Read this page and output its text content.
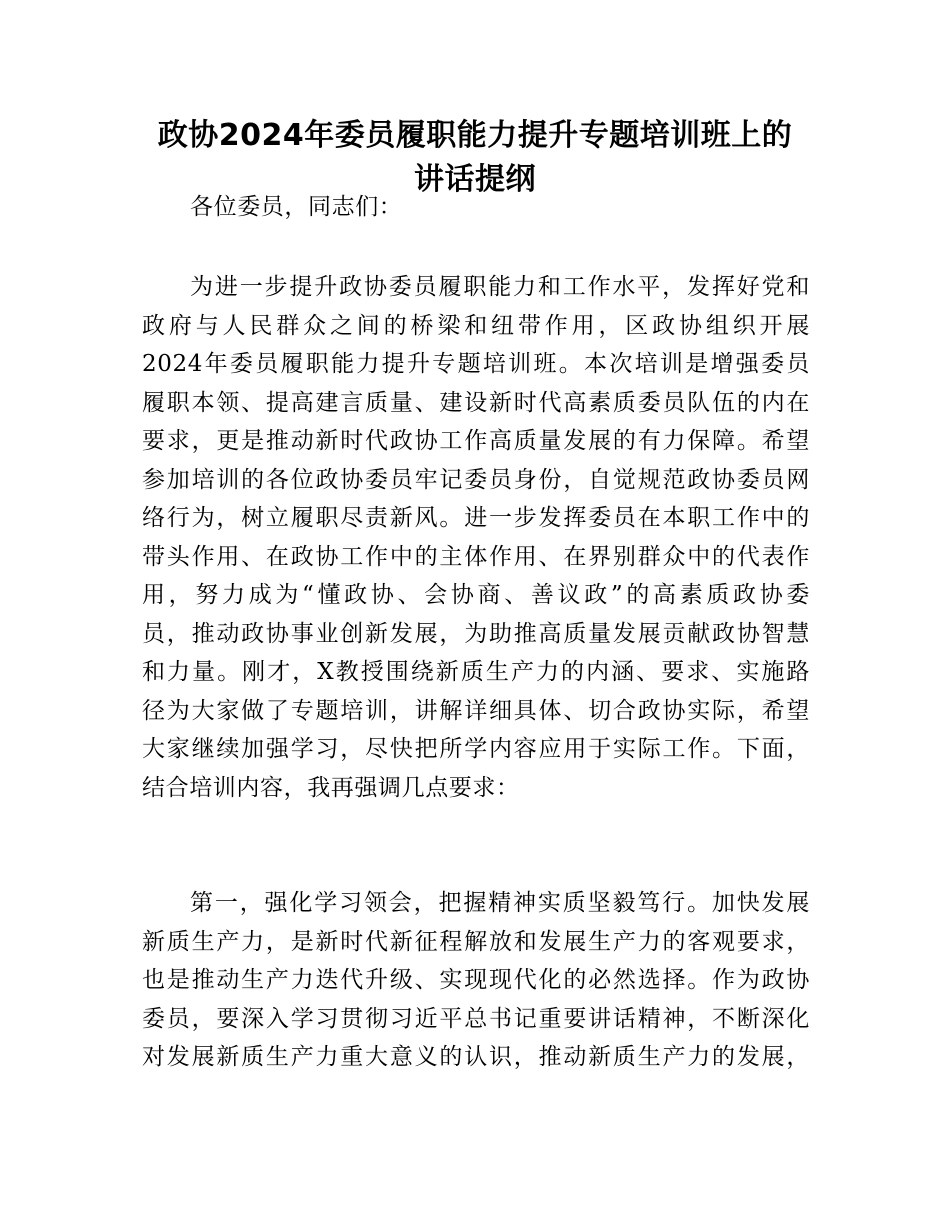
政协2024年委员履职能力提升专题培训班上的
讲话提纲
各位委员，同志们：
为进一步提升政协委员履职能力和工作水平，发挥好党和
政府与人民群众之间的桥梁和纽带作用，区政协组织开展
2024年委员履职能力提升专题培训班。本次培训是增强委员
履职本领、提高建言质量、建设新时代高素质委员队伍的内在
要求，更是推动新时代政协工作高质量发展的有力保障。希望
参加培训的各位政协委员牢记委员身份，自觉规范政协委员网
络行为，树立履职尽责新风。进一步发挥委员在本职工作中的
带头作用、在政协工作中的主体作用、在界别群众中的代表作
用，努力成为“懂政协、会协商、善议政”的高素质政协委
员，推动政协事业创新发展，为助推高质量发展贡献政协智慧
和力量。刚才，X教授围绕新质生产力的内涵、要求、实施路
径为大家做了专题培训，讲解详细具体、切合政协实际，希望
大家继续加强学习，尽快把所学内容应用于实际工作。下面，
结合培训内容，我再强调几点要求：
第一，强化学习领会，把握精神实质坚毅笃行。加快发展
新质生产力，是新时代新征程解放和发展生产力的客观要求，
也是推动生产力迭代升级、实现现代化的必然选择。作为政协
委员，要深入学习贯彻习近平总书记重要讲话精神，不断深化
对发展新质生产力重大意义的认识，推动新质生产力的发展，
